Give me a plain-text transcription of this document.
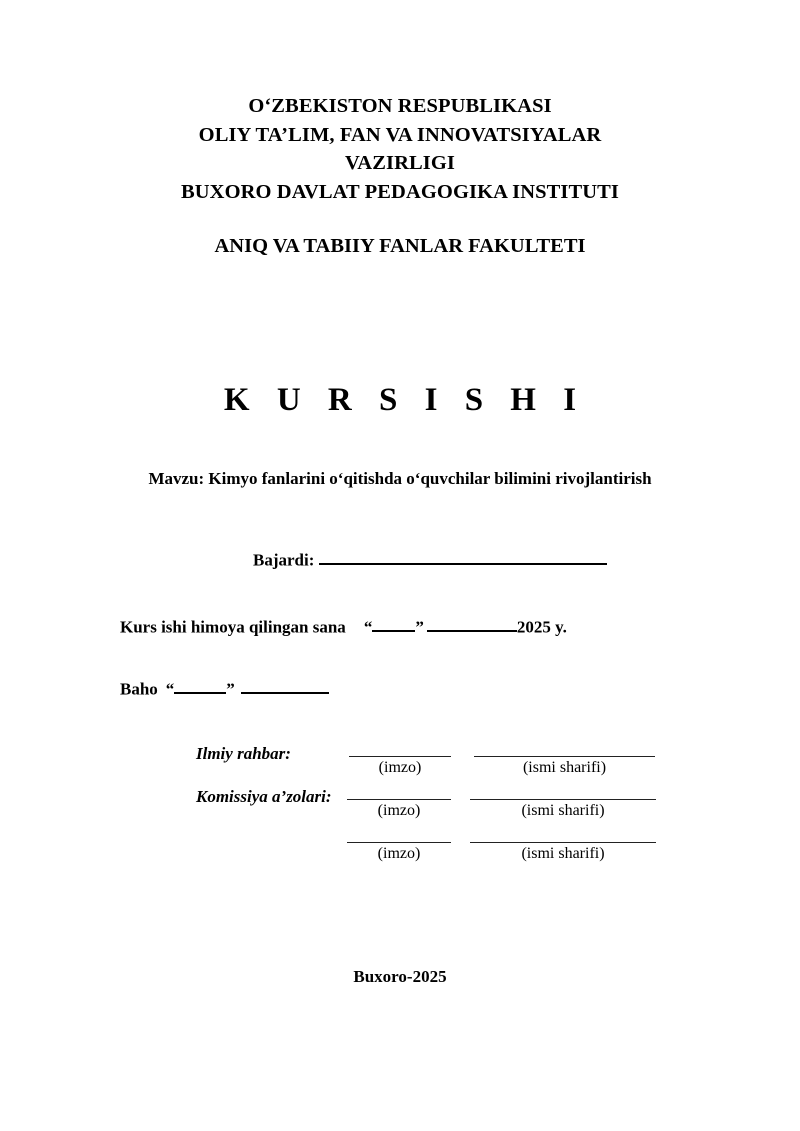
O‘ZBEKISTON RESPUBLIKASI
OLIY TA’LIM, FAN VA INNOVATSIYALAR
VAZIRLIGI
BUXORO DAVLAT PEDAGOGIKA INSTITUTI
ANIQ VA TABIIY FANLAR FAKULTETI
K U R S I S H I
Mavzu: Kimyo fanlarini o‘qitishda o‘quvchilar bilimini rivojlantirish
Bajardi:
Kurs ishi himoya qilingan sana “	”	2025 y.
Baho “	”
Ilmiy rahbar:
(imzo)	(ismi sharifi)
Komissiya a’zolari:
(imzo)	(ismi sharifi)
(imzo)	(ismi sharifi)
Buxoro-2025
